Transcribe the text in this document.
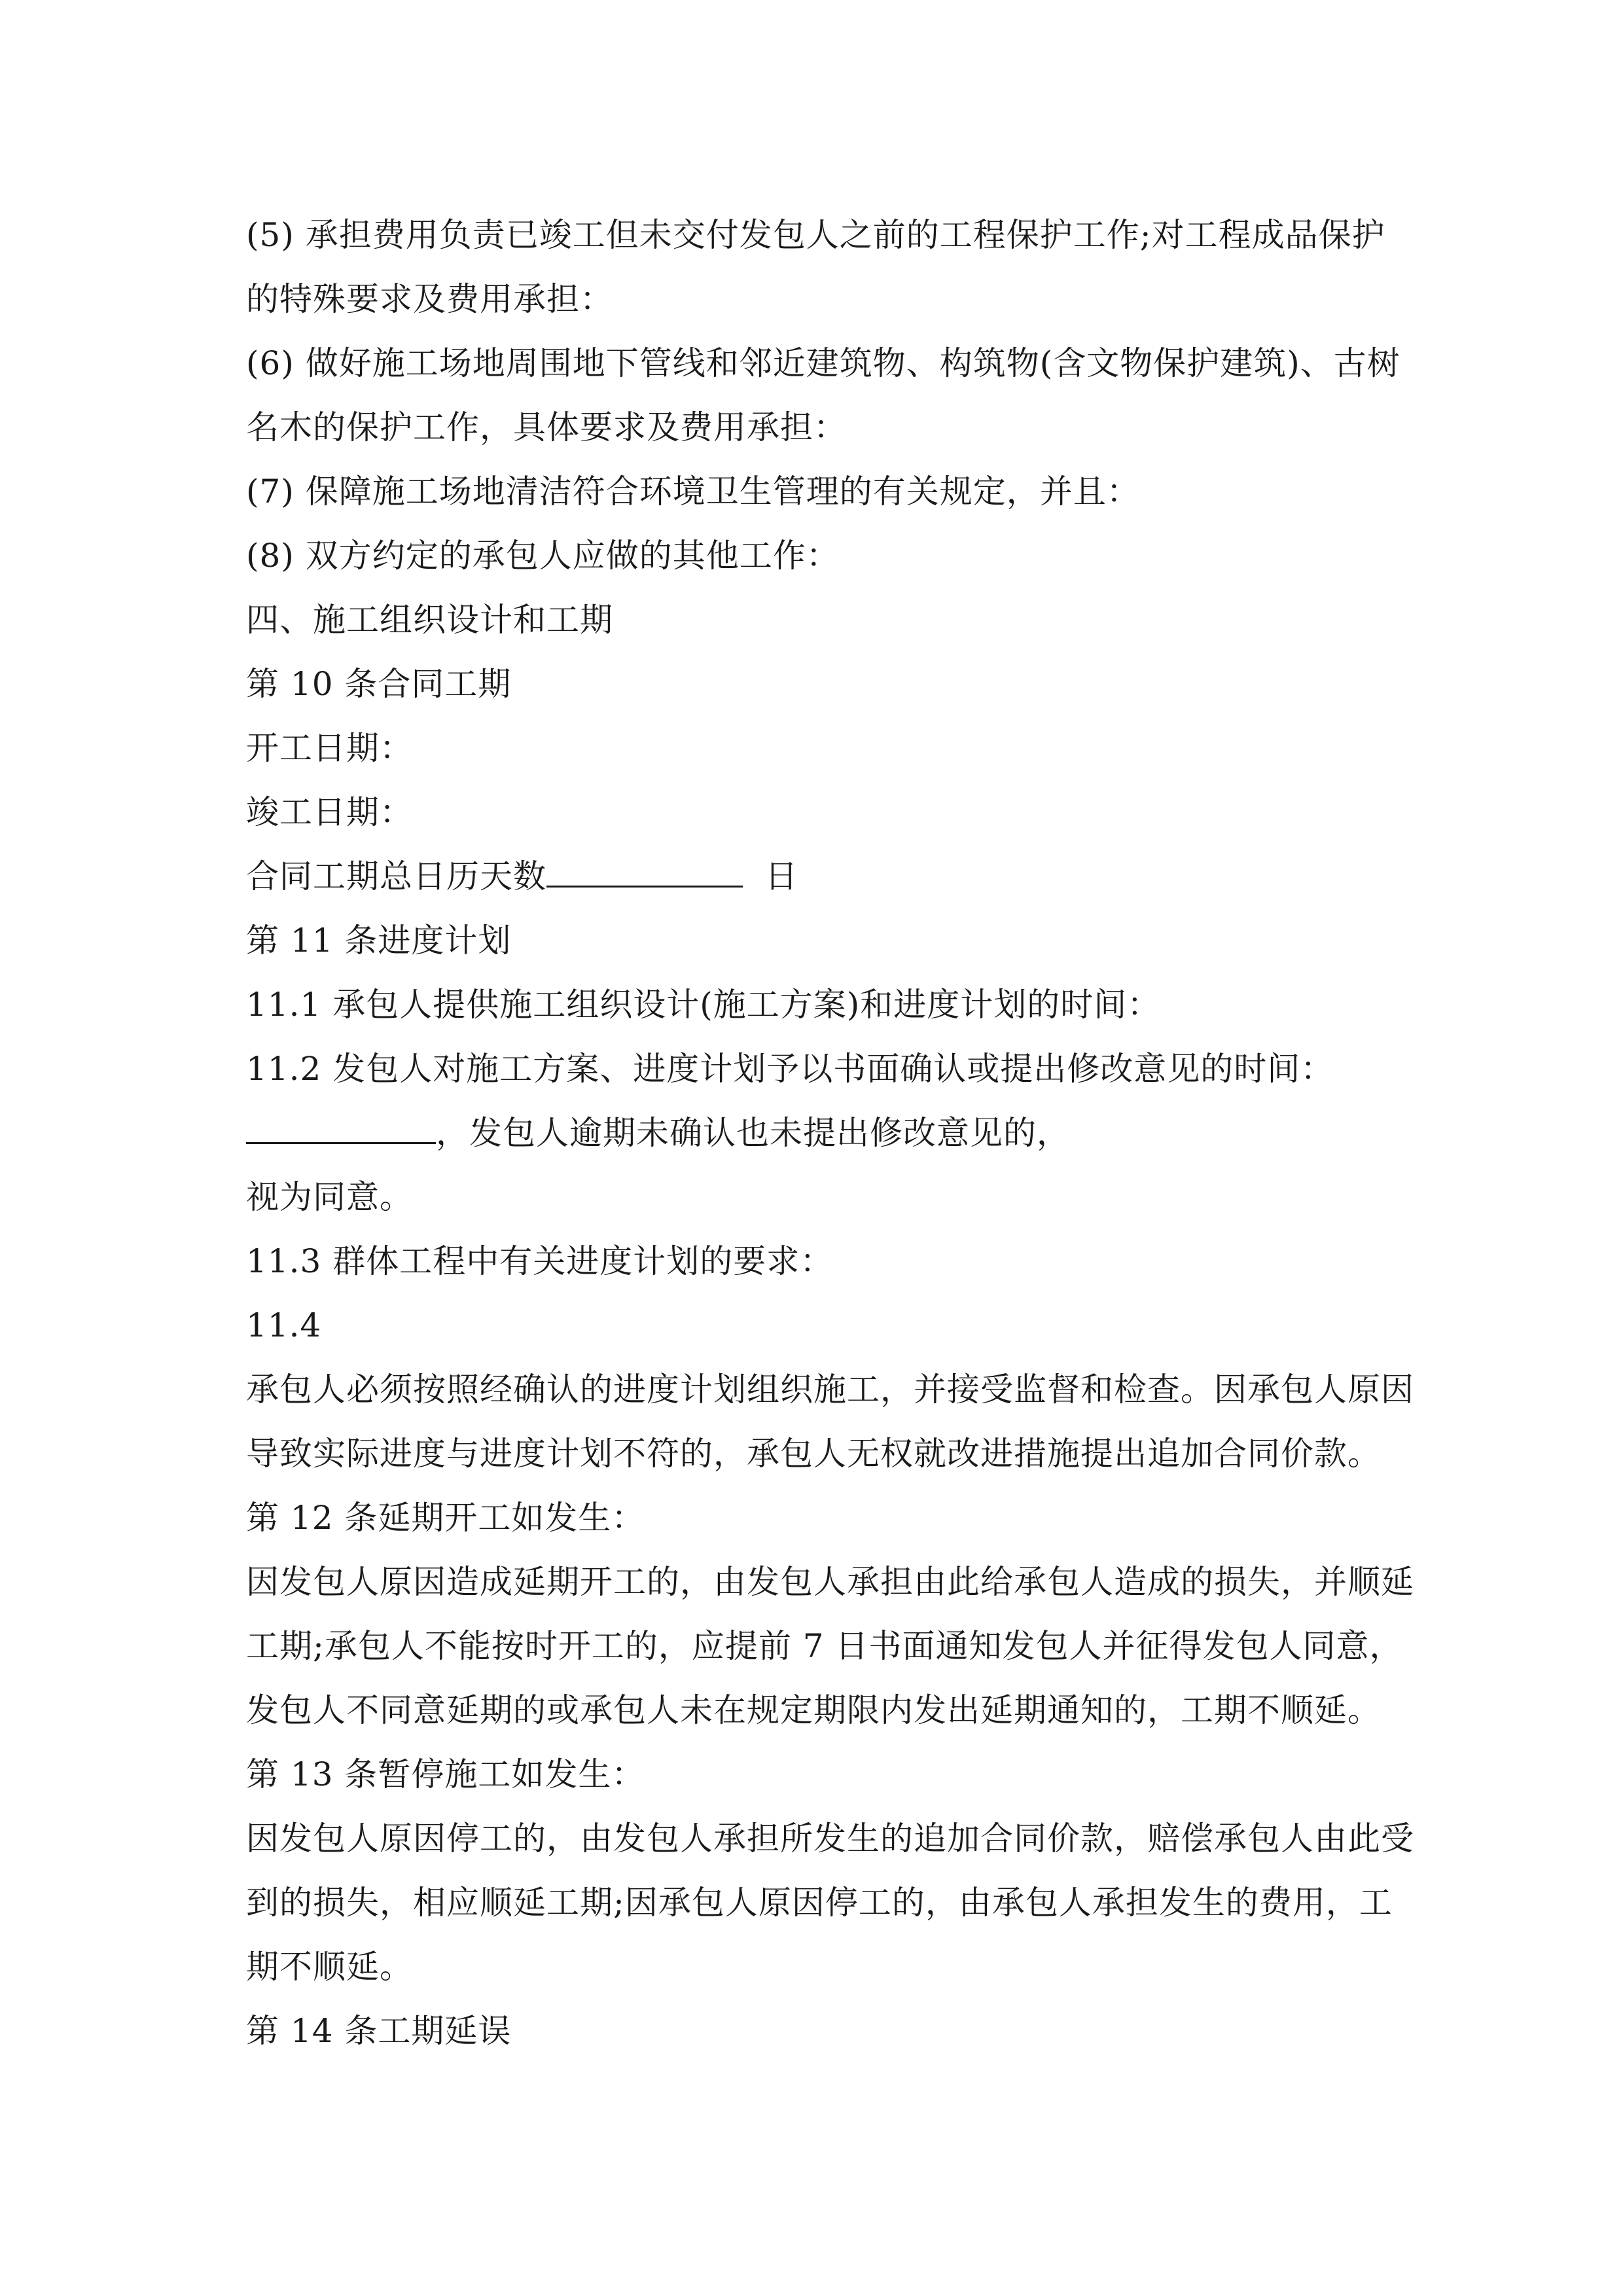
(5) 承担费用负责已竣工但未交付发包人之前的工程保护工作;对工程成品保护
的特殊要求及费用承担：
(6) 做好施工场地周围地下管线和邻近建筑物、构筑物(含文物保护建筑)、古树
名木的保护工作，具体要求及费用承担：
(7) 保障施工场地清洁符合环境卫生管理的有关规定，并且：
(8) 双方约定的承包人应做的其他工作：
四、施工组织设计和工期
第 10 条合同工期
开工日期：
竣工日期：
合同工期总日历天数	日
第 11 条进度计划
11.1 承包人提供施工组织设计(施工方案)和进度计划的时间：
11.2 发包人对施工方案、进度计划予以书面确认或提出修改意见的时间：
，发包人逾期未确认也未提出修改意见的，
视为同意。
11.3 群体工程中有关进度计划的要求：
11.4
承包人必须按照经确认的进度计划组织施工，并接受监督和检查。因承包人原因
导致实际进度与进度计划不符的，承包人无权就改进措施提出追加合同价款。
第 12 条延期开工如发生：
因发包人原因造成延期开工的，由发包人承担由此给承包人造成的损失，并顺延
工期;承包人不能按时开工的，应提前 7 日书面通知发包人并征得发包人同意，
发包人不同意延期的或承包人未在规定期限内发出延期通知的，工期不顺延。
第 13 条暂停施工如发生：
因发包人原因停工的，由发包人承担所发生的追加合同价款，赔偿承包人由此受
到的损失，相应顺延工期;因承包人原因停工的，由承包人承担发生的费用，工
期不顺延。
第 14 条工期延误
